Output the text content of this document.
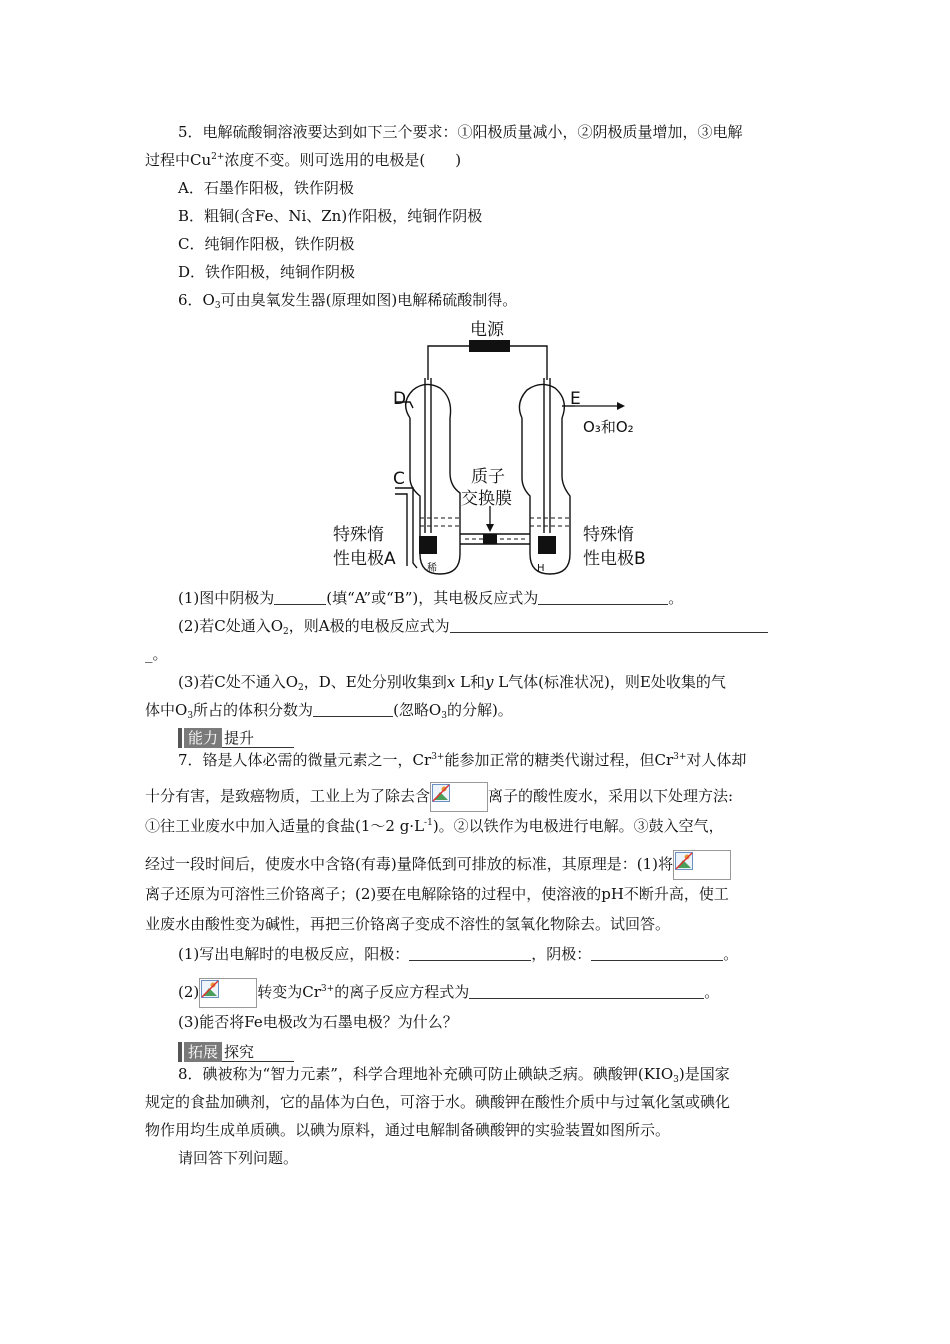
5．电解硫酸铜溶液要达到如下三个要求：①阳极质量减小，②阴极质量增加，③电解
过程中$Cu^{2+}$浓度不变。则可选用的电极是(　　)
A．石墨作阳极，铁作阴极
B．粗铜(含Fe、Ni、Zn)作阳极，纯铜作阴极
C．纯铜作阳极，铁作阴极
D．铁作阳极，纯铜作阴极
6．$O_3$可由臭氧发生器(原理如图)电解稀硫酸制得。
电源
D	E
O₃和O₂
C	质子
交换膜
特殊惰
性电极A
特殊惰
性电极B
稀	H
(1)图中阴极为	(填“A”或“B”)，其电极反应式为	。
(2)若C处通入$O_2$，则A极的电极反应式为
_。
(3)若C处不通入$O_2$，D、E处分别收集到x L和y L气体(标准状况)，则E处收集的气
体中$O_3$所占的体积分数为	(忽略$O_3$的分解)。
能力 提升
7．铬是人体必需的微量元素之一，$Cr^{3+}$能参加正常的糖类代谢过程，但$Cr^{3+}$对人体却
十分有害，是致癌物质，工业上为了除去含	离子的酸性废水，采用以下处理方法:
①往工业废水中加入适量的食盐(1～2 $g\cdot L^{-1}$)。②以铁作为电极进行电解。③鼓入空气，
经过一段时间后，使废水中含铬(有毒)量降低到可排放的标准，其原理是：(1)将
离子还原为可溶性三价铬离子；(2)要在电解除铬的过程中，使溶液的pH不断升高，使工
业废水由酸性变为碱性，再把三价铬离子变成不溶性的氢氧化物除去。试回答。
(1)写出电解时的电极反应，阳极：	，阴极：	。
(2)	转变为$Cr^{3+}$的离子反应方程式为	。
(3)能否将Fe电极改为石墨电极？为什么？
拓展 探究
8．碘被称为“智力元素”，科学合理地补充碘可防止碘缺乏病。碘酸钾$(KIO_3)$是国家
规定的食盐加碘剂，它的晶体为白色，可溶于水。碘酸钾在酸性介质中与过氧化氢或碘化
物作用均生成单质碘。以碘为原料，通过电解制备碘酸钾的实验装置如图所示。
请回答下列问题。
